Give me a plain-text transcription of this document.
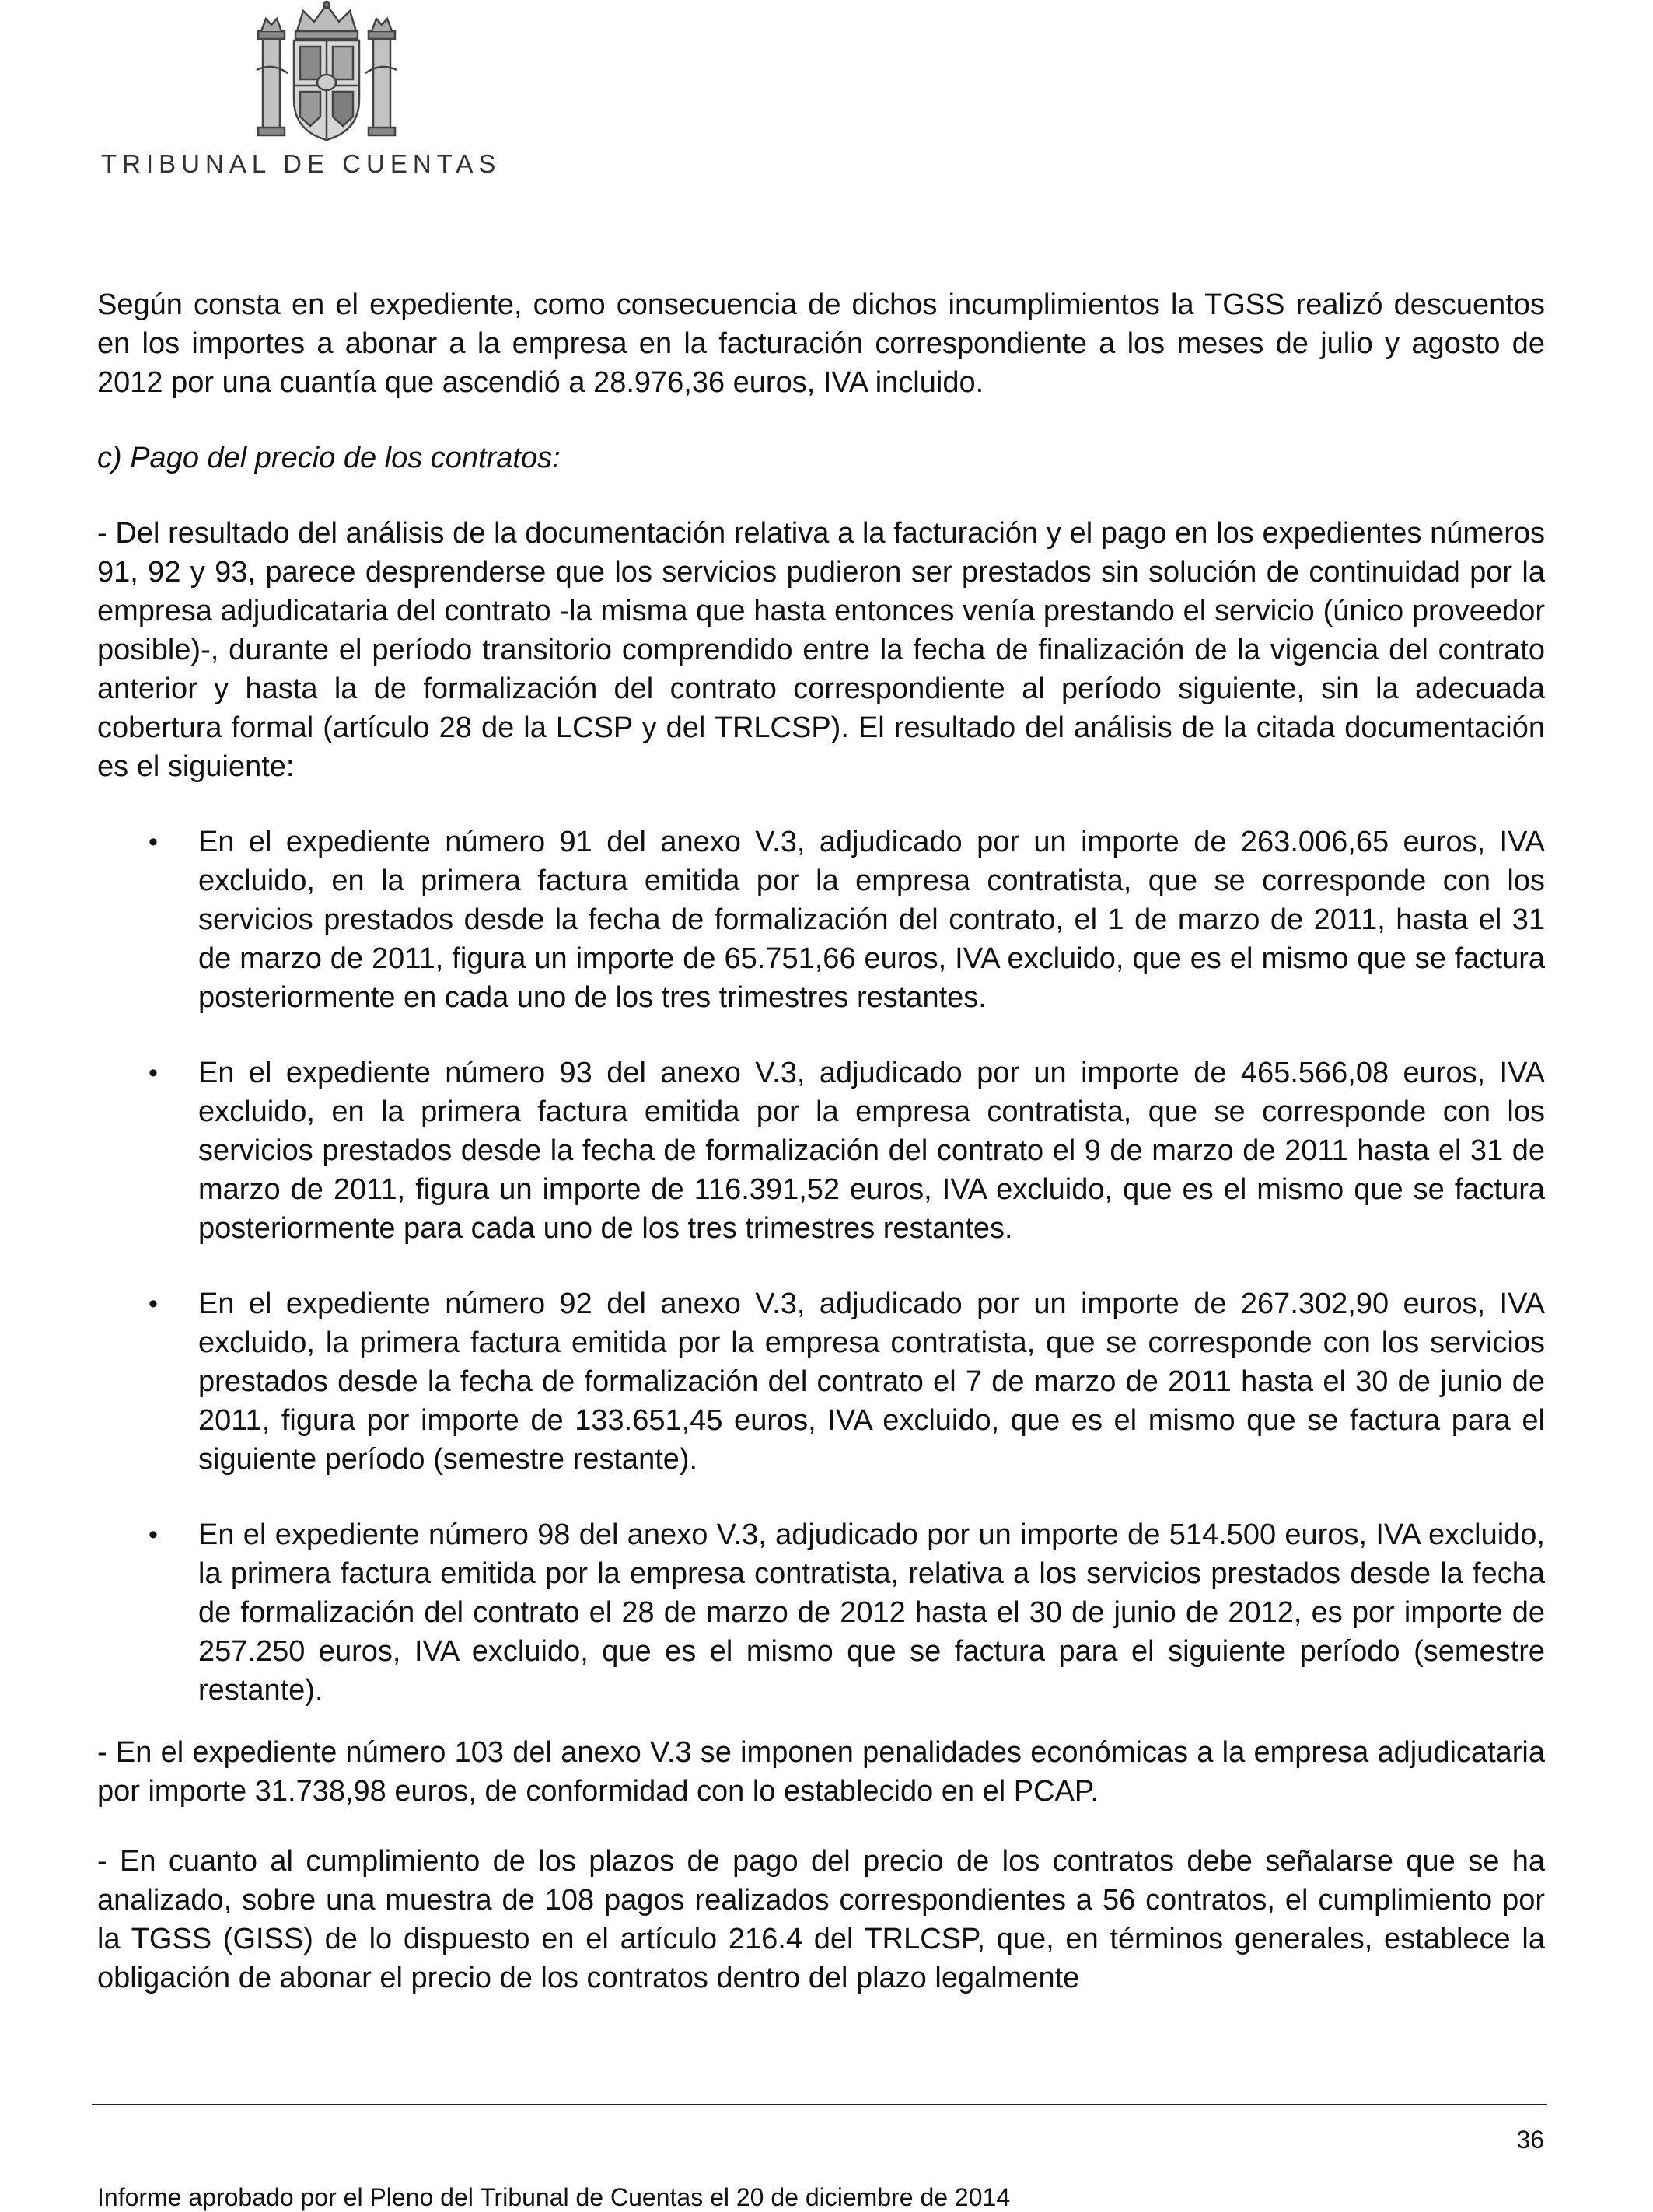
TRIBUNAL DE CUENTAS

Según consta en el expediente, como consecuencia de dichos incumplimientos la TGSS realizó descuentos en los importes a abonar a la empresa en la facturación correspondiente a los meses de julio y agosto de 2012 por una cuantía que ascendió a 28.976,36 euros, IVA incluido.

c) Pago del precio de los contratos:

- Del resultado del análisis de la documentación relativa a la facturación y el pago en los expedientes números 91, 92 y 93, parece desprenderse que los servicios pudieron ser prestados sin solución de continuidad por la empresa adjudicataria del contrato -la misma que hasta entonces venía prestando el servicio (único proveedor posible)-, durante el período transitorio comprendido entre la fecha de finalización de la vigencia del contrato anterior y hasta la de formalización del contrato correspondiente al período siguiente, sin la adecuada cobertura formal (artículo 28 de la LCSP y del TRLCSP). El resultado del análisis de la citada documentación es el siguiente:

• En el expediente número 91 del anexo V.3, adjudicado por un importe de 263.006,65 euros, IVA excluido, en la primera factura emitida por la empresa contratista, que se corresponde con los servicios prestados desde la fecha de formalización del contrato, el 1 de marzo de 2011, hasta el 31 de marzo de 2011, figura un importe de 65.751,66 euros, IVA excluido, que es el mismo que se factura posteriormente en cada uno de los tres trimestres restantes.
• En el expediente número 93 del anexo V.3, adjudicado por un importe de 465.566,08 euros, IVA excluido, en la primera factura emitida por la empresa contratista, que se corresponde con los servicios prestados desde la fecha de formalización del contrato el 9 de marzo de 2011 hasta el 31 de marzo de 2011, figura un importe de 116.391,52 euros, IVA excluido, que es el mismo que se factura posteriormente para cada uno de los tres trimestres restantes.
• En el expediente número 92 del anexo V.3, adjudicado por un importe de 267.302,90 euros, IVA excluido, la primera factura emitida por la empresa contratista, que se corresponde con los servicios prestados desde la fecha de formalización del contrato el 7 de marzo de 2011 hasta el 30 de junio de 2011, figura por importe de 133.651,45 euros, IVA excluido, que es el mismo que se factura para el siguiente período (semestre restante).
• En el expediente número 98 del anexo V.3, adjudicado por un importe de 514.500 euros, IVA excluido, la primera factura emitida por la empresa contratista, relativa a los servicios prestados desde la fecha de formalización del contrato el 28 de marzo de 2012 hasta el 30 de junio de 2012, es por importe de 257.250 euros, IVA excluido, que es el mismo que se factura para el siguiente período (semestre restante).

- En el expediente número 103 del anexo V.3 se imponen penalidades económicas a la empresa adjudicataria por importe 31.738,98 euros, de conformidad con lo establecido en el PCAP.

- En cuanto al cumplimiento de los plazos de pago del precio de los contratos debe señalarse que se ha analizado, sobre una muestra de 108 pagos realizados correspondientes a 56 contratos, el cumplimiento por la TGSS (GISS) de lo dispuesto en el artículo 216.4 del TRLCSP, que, en términos generales, establece la obligación de abonar el precio de los contratos dentro del plazo legalmente

36
Informe aprobado por el Pleno del Tribunal de Cuentas el 20 de diciembre de 2014
